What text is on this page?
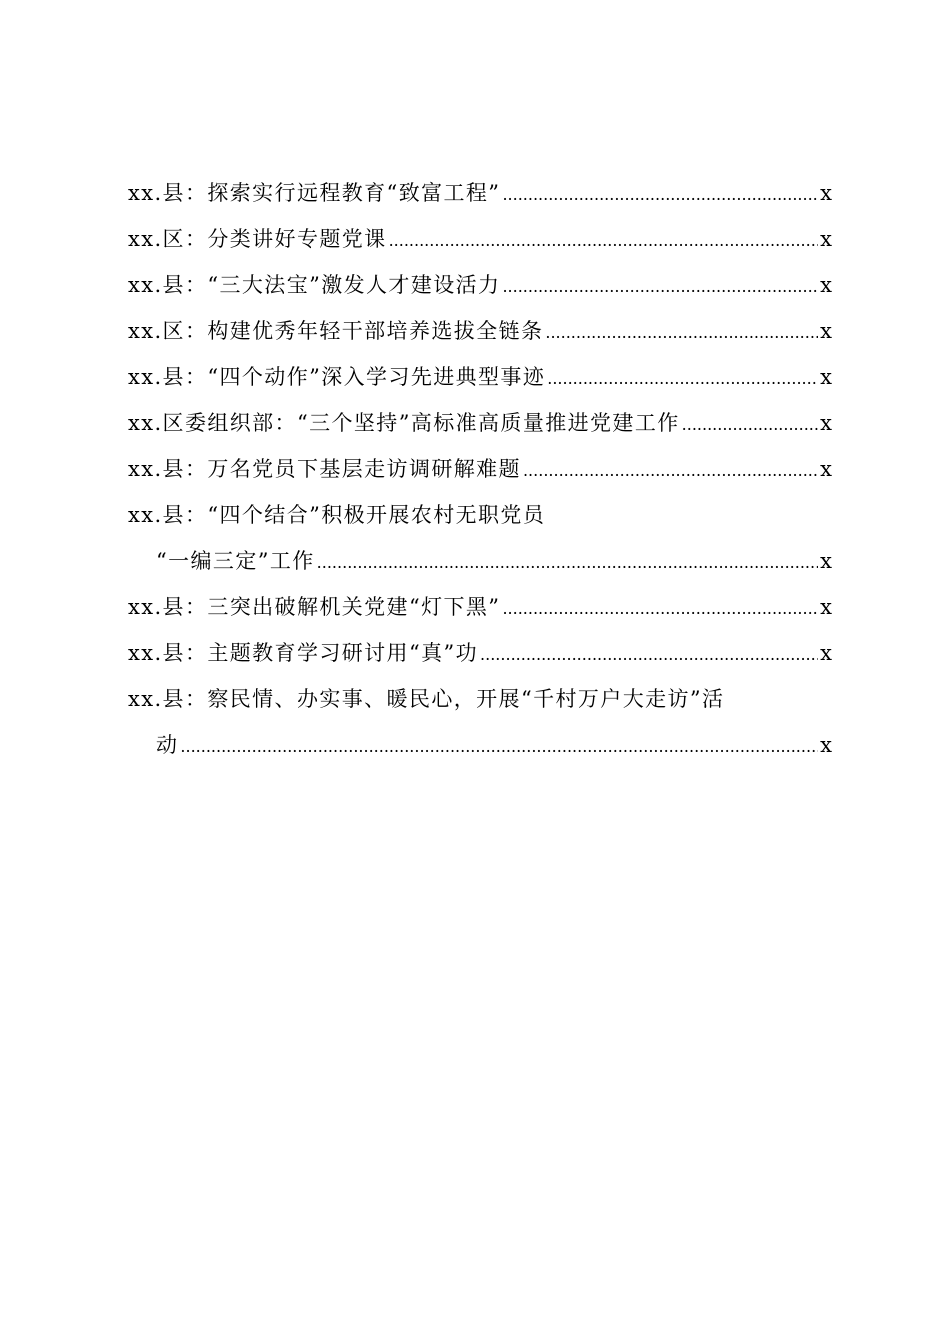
xx.县：探索实行远程教育“致富工程” .....	x
xx.区：分类讲好专题党课 .....	x
xx.县：“三大法宝”激发人才建设活力 .....	x
xx.区：构建优秀年轻干部培养选拔全链条 .....	x
xx.县：“四个动作”深入学习先进典型事迹 .....	x
xx.区委组织部：“三个坚持”高标准高质量推进党建工作 .....	x
xx.县：万名党员下基层走访调研解难题 .....	x
xx.县：“四个结合”积极开展农村无职党员
“一编三定”工作 .....	x
xx.县：三突出破解机关党建“灯下黑” .....	x
xx.县：主题教育学习研讨用“真”功 .....	x
xx.县：察民情、办实事、暖民心，开展“千村万户大走访”活
动 .....	x
